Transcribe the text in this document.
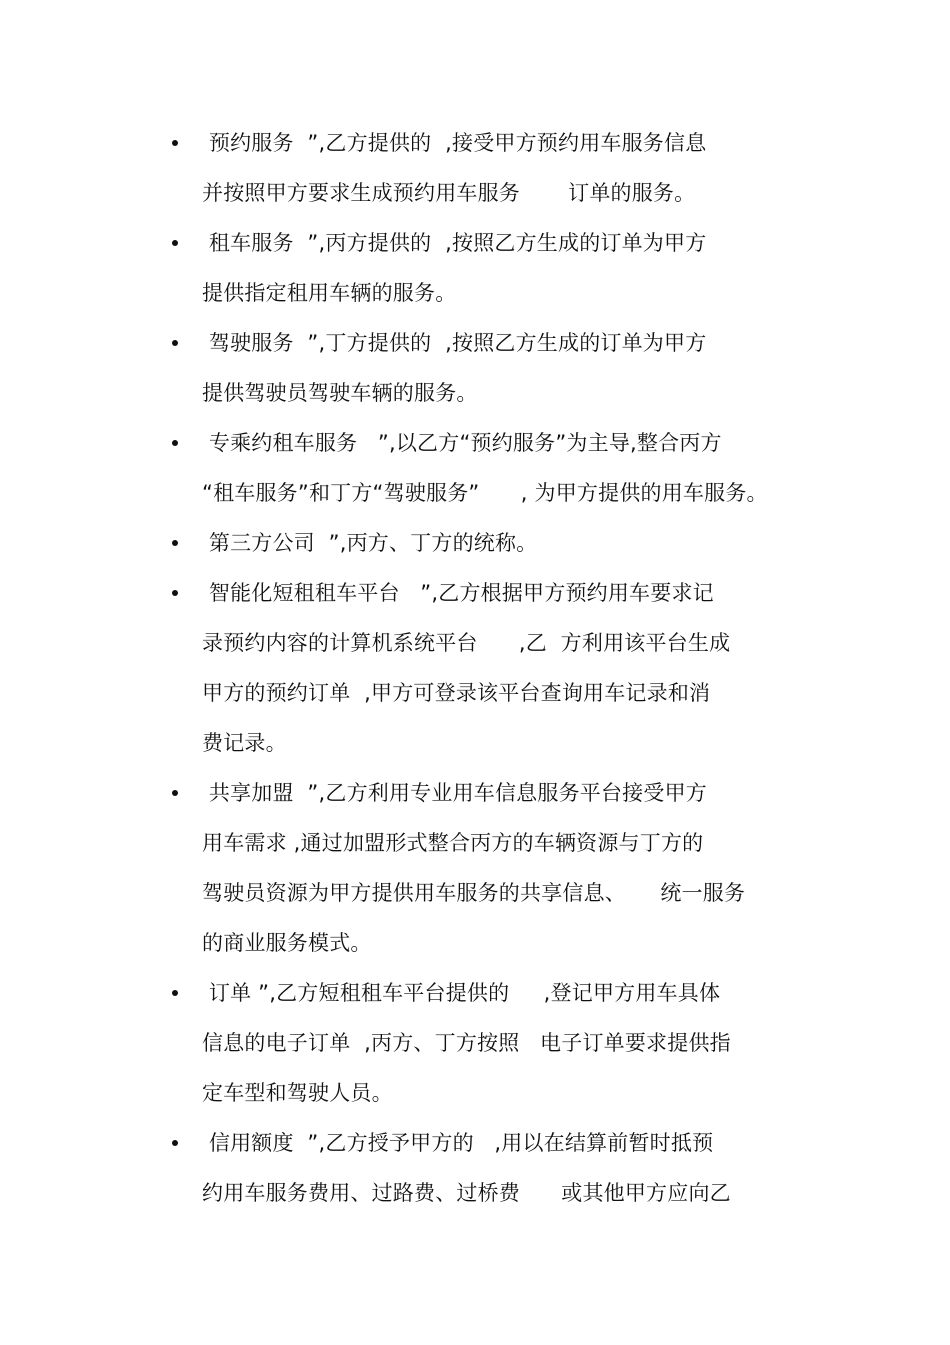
预约服务  ”,乙方提供的  ,接受甲方预约用车服务信息
并按照甲方要求生成预约用车服务       订单的服务。
租车服务  ”,丙方提供的  ,按照乙方生成的订单为甲方
提供指定租用车辆的服务。
驾驶服务  ”,丁方提供的  ,按照乙方生成的订单为甲方
提供驾驶员驾驶车辆的服务。
专乘约租车服务   ”,以乙方“预约服务”为主导,整合丙方
“租车服务”和丁方“驾驶服务”      , 为甲方提供的用车服务。
第三方公司  ”,丙方、丁方的统称。
智能化短租租车平台   ”,乙方根据甲方预约用车要求记
录预约内容的计算机系统平台      ,乙  方利用该平台生成
甲方的预约订单  ,甲方可登录该平台查询用车记录和消
费记录。
共享加盟  ”,乙方利用专业用车信息服务平台接受甲方
用车需求 ,通过加盟形式整合丙方的车辆资源与丁方的
驾驶员资源为甲方提供用车服务的共享信息、     统一服务
的商业服务模式。
订单 ”,乙方短租租车平台提供的     ,登记甲方用车具体
信息的电子订单  ,丙方、丁方按照   电子订单要求提供指
定车型和驾驶人员。
信用额度  ”,乙方授予甲方的   ,用以在结算前暂时抵预
约用车服务费用、过路费、过桥费      或其他甲方应向乙
